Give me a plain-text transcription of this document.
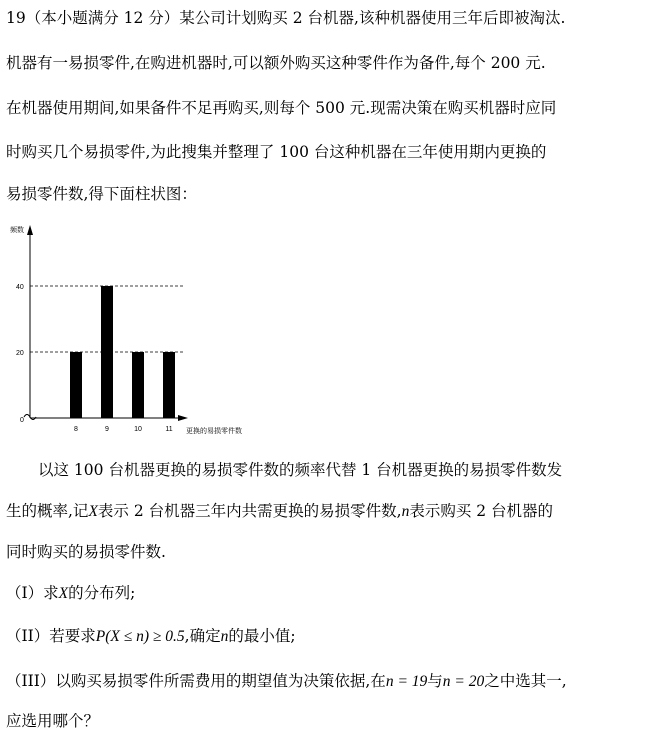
19（本小题满分 12 分）某公司计划购买 2 台机器,该种机器使用三年后即被淘汰.
机器有一易损零件,在购进机器时,可以额外购买这种零件作为备件,每个 200 元.
在机器使用期间,如果备件不足再购买,则每个 500 元.现需决策在购买机器时应同
时购买几个易损零件,为此搜集并整理了 100 台这种机器在三年使用期内更换的
易损零件数,得下面柱状图：
频数
0
20
40
8	9	10	11 更换的易损零件数
以这 100 台机器更换的易损零件数的频率代替 1 台机器更换的易损零件数发
生的概率,记X表示 2 台机器三年内共需更换的易损零件数,n表示购买 2 台机器的
同时购买的易损零件数.
（I）求X的分布列;
（II）若要求P(X ≤ n) ≥ 0.5,确定n的最小值;
（III）以购买易损零件所需费用的期望值为决策依据,在n = 19与n = 20之中选其一,
应选用哪个？
